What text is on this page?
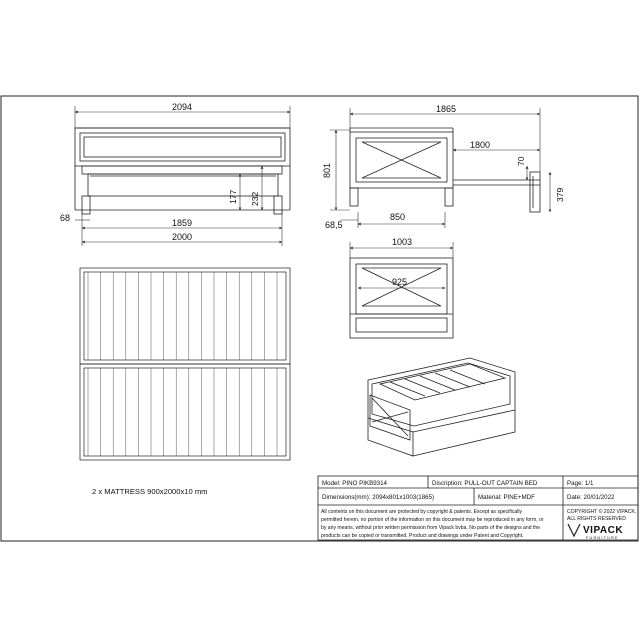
2094
1859
2000
68
177 232
1865
1800
801
70
379
850
68,5
1003
925
2 x MATTRESS 900x2000x10 mm
Model: PINO PIKB9314	Discription: PULL-OUT CAPTAIN BED	Page: 1/1
Dimensions(mm): 2094x801x1003(1865)	Material: PINE+MDF	Date: 20/01/2022
All contents on this document are protected by copyright & patents. Except as specifically
permitted herein, no portion of the information on this document may be reproduced in any form, or
by any means, without prior written permission from Vipack bvba. No parts of the designs and the
products can be copied or transmitted. Product and drawings under Patent and Copyright.
COPYRIGHT © 2022 VIPACK,
ALL RIGHTS RESERVED
VIPACK
FURNITURE
